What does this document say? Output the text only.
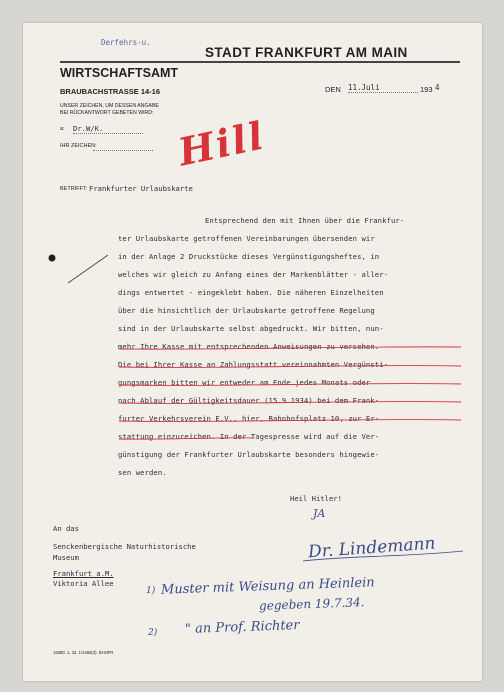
Derfehrs-u.
STADT FRANKFURT AM MAIN
WIRTSCHAFTSAMT
BRAUBACHSTRASSE 14-16
UNSER ZEICHEN, UM DESSEN ANGABE
BEI RÜCKANTWORT GEBETEN WIRD:
a: Dr.W/K.
IHR ZEICHEN:
DEN 11.Juli	193 4
Hill
BETRIFFT: Frankfurter Urlaubskarte
Entsprechend den mit Ihnen über die Frankfur-
ter Urlaubskarte getroffenen Vereinbarungen übersenden wir
in der Anlage 2 Druckstücke dieses Vergünstigungsheftes, in
welches wir gleich zu Anfang eines der Markenblätter - aller-
dings entwertet - eingeklebt haben. Die näheren Einzelheiten
über die hinsichtlich der Urlaubskarte getroffene Regelung
sind in der Urlaubskarte selbst abgedruckt. Wir bitten, nun-
mehr Ihre Kasse mit entsprechenden Anweisungen zu versehen.
Die bei Ihrer Kasse an Zahlungsstatt vereinnahmten Vergünsti-
gungsmarken bitten wir entweder am Ende jedes Monats oder
nach Ablauf der Gültigkeitsdauer (15.9.1934) bei dem Frank-
furter Verkehrsverein E.V., hier, Bahnhofsplatz 10, zur Er-
stattung einzureichen. In der Tagespresse wird auf die Ver-
günstigung der Frankfurter Urlaubskarte besonders hingewie-
sen werden.
Heil Hitler!
An das
Senckenbergische Naturhistorische
Museum
Frankfurt a.M.
Viktoria Allee
JA
Dr. Lindemann
1) Muster mit Weisung an Heinlein
gegeben 19.7.34.
2) " an Prof. Richter
19380. 1. 32. 1/1466(3). BI-MFR
